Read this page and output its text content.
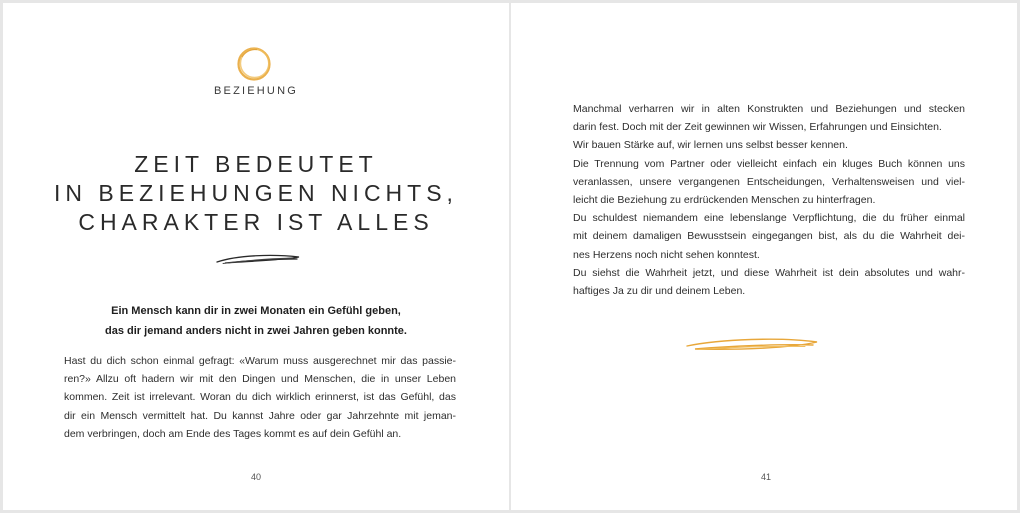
BEZIEHUNG
ZEIT BEDEUTET
IN BEZIEHUNGEN NICHTS,
CHARAKTER IST ALLES
Ein Mensch kann dir in zwei Monaten ein Gefühl geben,
das dir jemand anders nicht in zwei Jahren geben konnte.
Hast du dich schon einmal gefragt: «Warum muss ausgerechnet mir das passie-
ren?» Allzu oft hadern wir mit den Dingen und Menschen, die in unser Leben
kommen. Zeit ist irrelevant. Woran du dich wirklich erinnerst, ist das Gefühl, das
dir ein Mensch vermittelt hat. Du kannst Jahre oder gar Jahrzehnte mit jeman-
dem verbringen, doch am Ende des Tages kommt es auf dein Gefühl an.
40
Manchmal verharren wir in alten Konstrukten und Beziehungen und stecken
darin fest. Doch mit der Zeit gewinnen wir Wissen, Erfahrungen und Einsichten.
Wir bauen Stärke auf, wir lernen uns selbst besser kennen.
Die Trennung vom Partner oder vielleicht einfach ein kluges Buch können uns
veranlassen, unsere vergangenen Entscheidungen, Verhaltensweisen und viel-
leicht die Beziehung zu erdrückenden Menschen zu hinterfragen.
Du schuldest niemandem eine lebenslange Verpflichtung, die du früher einmal
mit deinem damaligen Bewusstsein eingegangen bist, als du die Wahrheit dei-
nes Herzens noch nicht sehen konntest.
Du siehst die Wahrheit jetzt, und diese Wahrheit ist dein absolutes und wahr-
haftiges Ja zu dir und deinem Leben.
41
